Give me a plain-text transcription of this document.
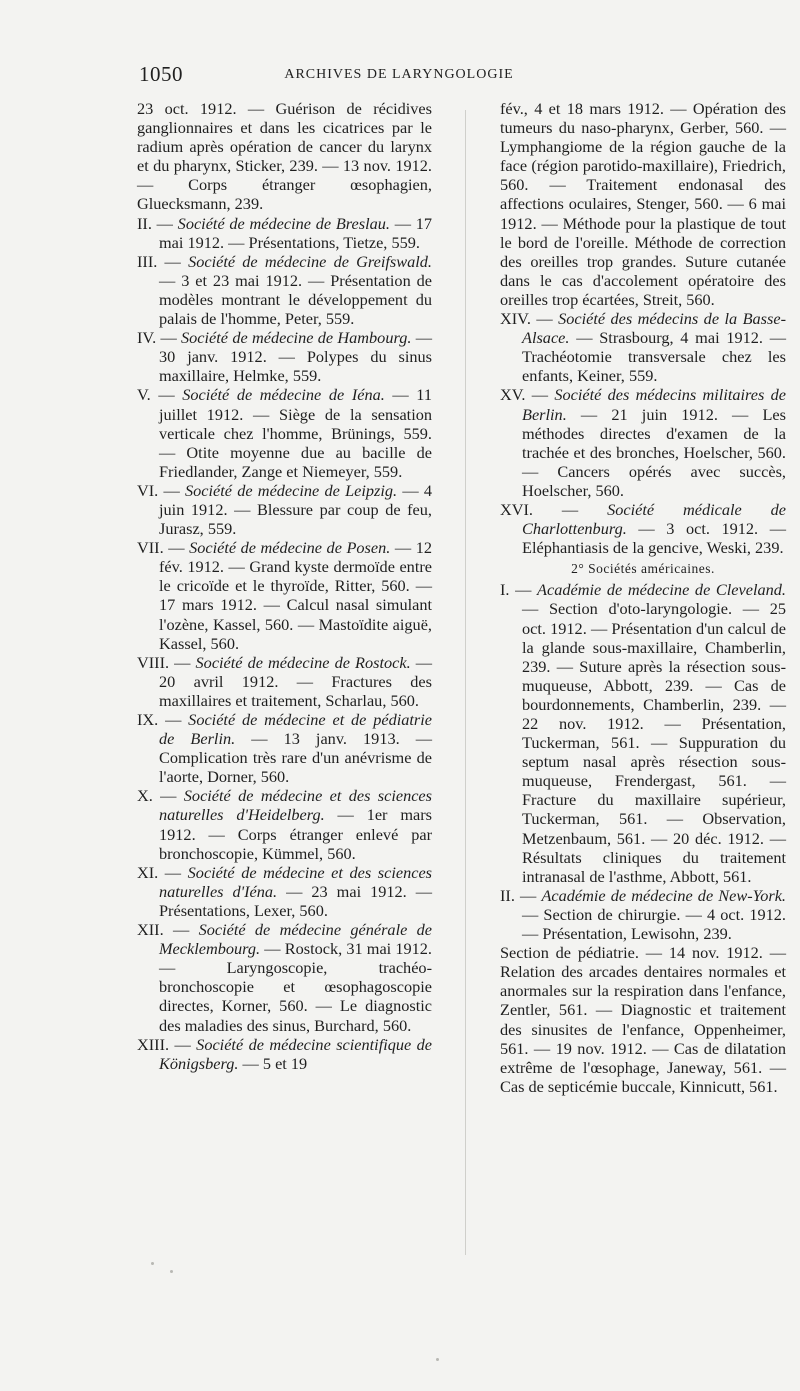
1050	ARCHIVES DE LARYNGOLOGIE

23 oct. 1912. — Guérison de récidives ganglionnaires et dans les cicatrices par le radium après opération de cancer du larynx et du pharynx, Sticker, 239. — 13 nov. 1912. — Corps étranger œsophagien, Gluecksmann, 239.

II. — Société de médecine de Breslau. — 17 mai 1912. — Présentations, Tietze, 559.

III. — Société de médecine de Greifswald. — 3 et 23 mai 1912. — Présentation de modèles montrant le développement du palais de l'homme, Peter, 559.

IV. — Société de médecine de Hambourg. — 30 janv. 1912. — Polypes du sinus maxillaire, Helmke, 559.

V. — Société de médecine de Iéna. — 11 juillet 1912. — Siège de la sensation verticale chez l'homme, Brünings, 559. — Otite moyenne due au bacille de Friedlander, Zange et Niemeyer, 559.

VI. — Société de médecine de Leipzig. — 4 juin 1912. — Blessure par coup de feu, Jurasz, 559.

VII. — Société de médecine de Posen. — 12 fév. 1912. — Grand kyste dermoïde entre le cricoïde et le thyroïde, Ritter, 560. — 17 mars 1912. — Calcul nasal simulant l'ozène, Kassel, 560. — Mastoïdite aiguë, Kassel, 560.

VIII. — Société de médecine de Rostock. — 20 avril 1912. — Fractures des maxillaires et traitement, Scharlau, 560.

IX. — Société de médecine et de pédiatrie de Berlin. — 13 janv. 1913. — Complication très rare d'un anévrisme de l'aorte, Dorner, 560.

X. — Société de médecine et des sciences naturelles d'Heidelberg. — 1er mars 1912. — Corps étranger enlevé par bronchoscopie, Kümmel, 560.

XI. — Société de médecine et des sciences naturelles d'Iéna. — 23 mai 1912. — Présentations, Lexer, 560.

XII. — Société de médecine générale de Mecklembourg. — Rostock, 31 mai 1912. — Laryngoscopie, trachéo-bronchoscopie et œsophagoscopie directes, Korner, 560. — Le diagnostic des maladies des sinus, Burchard, 560.

XIII. — Société de médecine scientifique de Königsberg. — 5 et 19

fév., 4 et 18 mars 1912. — Opération des tumeurs du naso-pharynx, Gerber, 560. — Lymphangiome de la région gauche de la face (région parotido-maxillaire), Friedrich, 560. — Traitement endonasal des affections oculaires, Stenger, 560. — 6 mai 1912. — Méthode pour la plastique de tout le bord de l'oreille. Méthode de correction des oreilles trop grandes. Suture cutanée dans le cas d'accolement opératoire des oreilles trop écartées, Streit, 560.

XIV. — Société des médecins de la Basse-Alsace. — Strasbourg, 4 mai 1912. — Trachéotomie transversale chez les enfants, Keiner, 559.

XV. — Société des médecins militaires de Berlin. — 21 juin 1912. — Les méthodes directes d'examen de la trachée et des bronches, Hoelscher, 560. — Cancers opérés avec succès, Hoelscher, 560.

XVI. — Société médicale de Charlottenburg. — 3 oct. 1912. — Eléphantiasis de la gencive, Weski, 239.

2° Sociétés américaines.

I. — Académie de médecine de Cleveland. — Section d'oto-laryngologie. — 25 oct. 1912. — Présentation d'un calcul de la glande sous-maxillaire, Chamberlin, 239. — Suture après la résection sous-muqueuse, Abbott, 239. — Cas de bourdonnements, Chamberlin, 239. — 22 nov. 1912. — Présentation, Tuckerman, 561. — Suppuration du septum nasal après résection sous-muqueuse, Frendergast, 561. — Fracture du maxillaire supérieur, Tuckerman, 561. — Observation, Metzenbaum, 561. — 20 déc. 1912. — Résultats cliniques du traitement intranasal de l'asthme, Abbott, 561.

II. — Académie de médecine de New-York. — Section de chirurgie. — 4 oct. 1912. — Présentation, Lewisohn, 239.

Section de pédiatrie. — 14 nov. 1912. — Relation des arcades dentaires normales et anormales sur la respiration dans l'enfance, Zentler, 561. — Diagnostic et traitement des sinusites de l'enfance, Oppenheimer, 561. — 19 nov. 1912. — Cas de dilatation extrême de l'œsophage, Janeway, 561. — Cas de septicémie buccale, Kinnicutt, 561.
